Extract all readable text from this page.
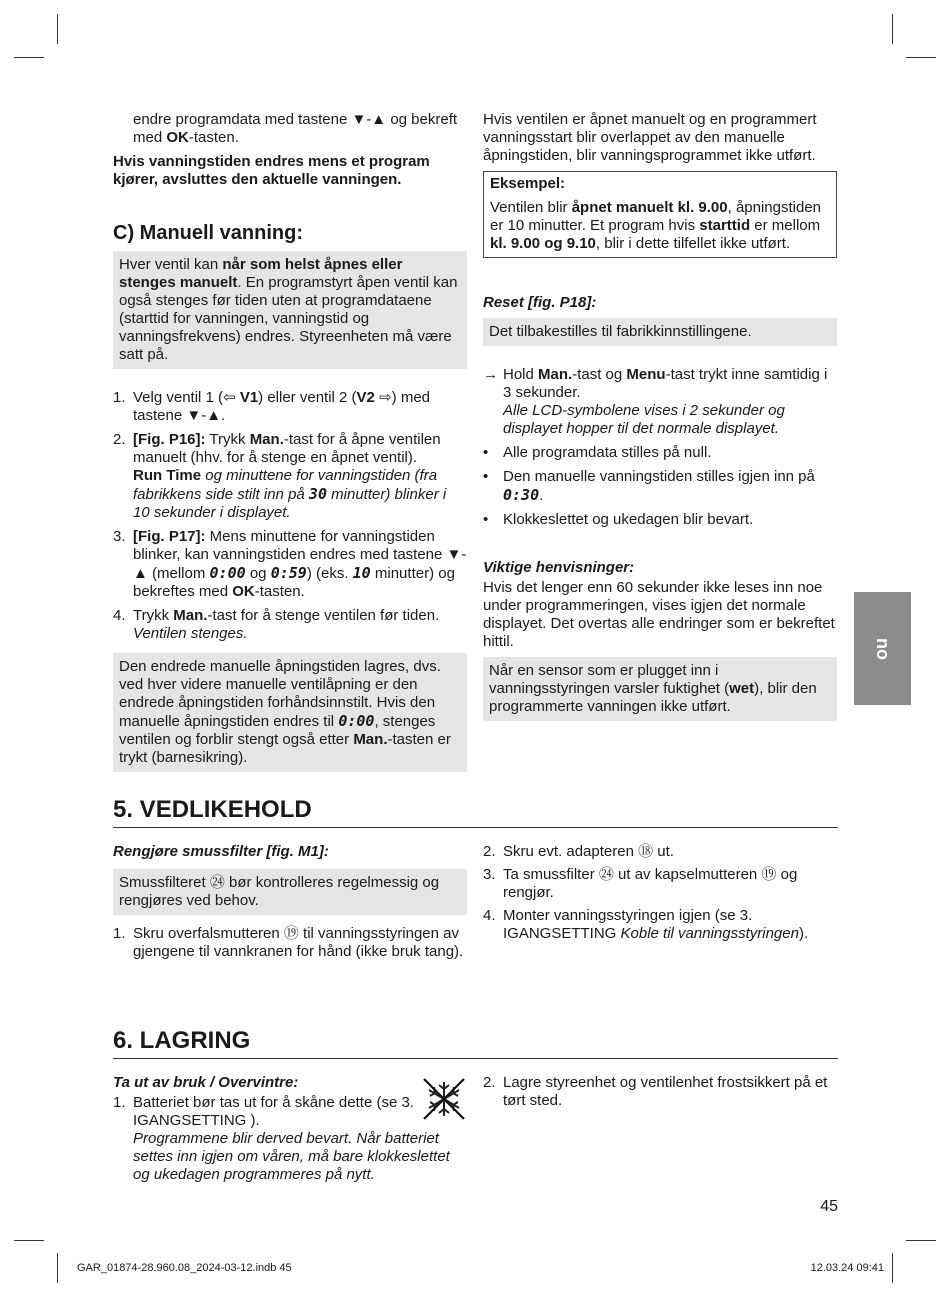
endre programdata med tastene ▼-▲ og bekreft med OK-tasten.

Hvis vanningstiden endres mens et program kjører, avsluttes den aktuelle vanningen.

C) Manuell vanning:

Hver ventil kan når som helst åpnes eller stenges manuelt. En programstyrt åpen ventil kan også stenges før tiden uten at programdataene (starttid for vanningen, vanningstid og vanningsfrekvens) endres. Styreenheten må være satt på.
1. Velg ventil 1 (⇦ V1) eller ventil 2 (V2 ⇨) med tastene ▼-▲.
2. [Fig. P16]: Trykk Man.-tast for å åpne ventilen manuelt (hhv. for å stenge en åpnet ventil).
Run Time og minuttene for vanningstiden (fra fabrikkens side stilt inn på 30 minutter) blinker i 10 sekunder i displayet.
3. [Fig. P17]: Mens minuttene for vanningstiden blinker, kan vanningstiden endres med tastene ▼-▲ (mellom 0:00 og 0:59) (eks. 10 minutter) og bekreftes med OK-tasten.
4. Trykk Man.-tast for å stenge ventilen før tiden.
Ventilen stenges.
Den endrede manuelle åpningstiden lagres, dvs. ved hver videre manuelle ventilåpning er den endrede åpningstiden forhåndsinnstilt. Hvis den manuelle åpningstiden endres til 0:00, stenges ventilen og forblir stengt også etter Man.-tasten er trykt (barnesikring).

Hvis ventilen er åpnet manuelt og en programmert vanningsstart blir overlappet av den manuelle åpningstiden, blir vanningsprogrammet ikke utført.

Eksempel:

Ventilen blir åpnet manuelt kl. 9.00, åpningstiden er 10 minutter. Et program hvis starttid er mellom kl. 9.00 og 9.10, blir i dette tilfellet ikke utført.

Reset [fig. P18]:

Det tilbakestilles til fabrikkinnstillingene.
→ Hold Man.-tast og Menu-tast trykt inne samtidig i 3 sekunder.
Alle LCD-symbolene vises i 2 sekunder og displayet hopper til det normale displayet.
• Alle programdata stilles på null.
• Den manuelle vanningstiden stilles igjen inn på 0:30.
• Klokkeslettet og ukedagen blir bevart.

Viktige henvisninger:

Hvis det lenger enn 60 sekunder ikke leses inn noe under programmeringen, vises igjen det normale displayet. Det overtas alle endringer som er bekreftet hittil.

Når en sensor som er plugget inn i vanningsstyringen varsler fuktighet (wet), blir den programmerte vanningen ikke utført.
no
5. VEDLIKEHOLD

Rengjøre smussfilter [fig. M1]:

Smussfilteret ㉔ bør kontrolleres regelmessig og rengjøres ved behov.
1. Skru overfalsmutteren ⑲ til vanningsstyringen av gjengene til vannkranen for hånd (ikke bruk tang).
2. Skru evt. adapteren ⑱ ut.
3. Ta smussfilter ㉔ ut av kapselmutteren ⑲ og rengjør.
4. Monter vanningsstyringen igjen (se 3. IGANGSETTING Koble til vanningsstyringen).
6. LAGRING

Ta ut av bruk / Overvintre:

1. Batteriet bør tas ut for å skåne dette (se 3. IGANGSETTING ).
Programmene blir derved bevart. Når batteriet settes inn igjen om våren, må bare klokkeslettet og ukedagen programmeres på nytt.
2. Lagre styreenhet og ventilenhet frostsikkert på et tørt sted.
45
GAR_01874-28.960.08_2024-03-12.indb 45	12.03.24 09:41
